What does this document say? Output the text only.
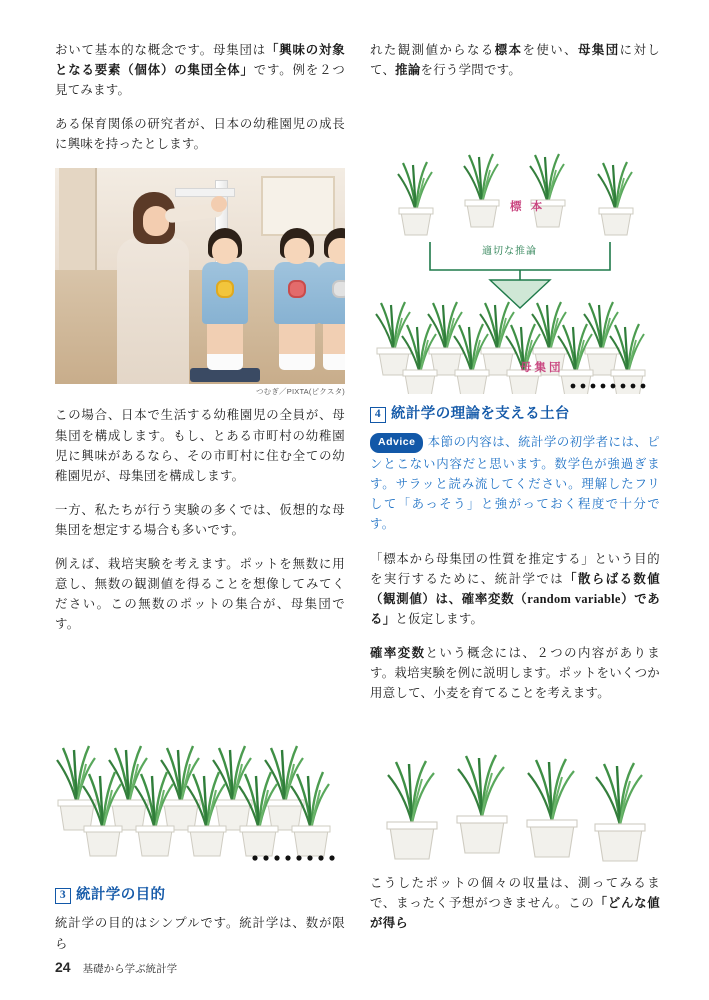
おいて基本的な概念です。母集団は「興味の対象となる要素（個体）の集団全体」です。例を２つ見てみます。

ある保育関係の研究者が、日本の幼稚園児の成長に興味を持ったとします。

つむぎ／PIXTA(ピクスタ)

この場合、日本で生活する幼稚園児の全員が、母集団を構成します。もし、とある市町村の幼稚園児に興味があるなら、その市町村に住む全ての幼稚園児が、母集団を構成します。

一方、私たちが行う実験の多くでは、仮想的な母集団を想定する場合も多いです。

例えば、栽培実験を考えます。ポットを無数に用意し、無数の観測値を得ることを想像してみてください。この無数のポットの集合が、母集団です。

3 統計学の目的

統計学の目的はシンプルです。統計学は、数が限ら

れた観測値からなる標本を使い、母集団に対して、推論を行う学問です。

標 本
適切な推論
母集団
4 統計学の理論を支える土台
Advice 本節の内容は、統計学の初学者には、ピンとこない内容だと思います。数学色が強過ぎます。サラッと読み流してください。理解したフリして「あっそう」と強がっておく程度で十分です。

「標本から母集団の性質を推定する」という目的を実行するために、統計学では「散らばる数値（観測値）は、確率変数（random variable）である」と仮定します。

確率変数という概念には、２つの内容があります。栽培実験を例に説明します。ポットをいくつか用意して、小麦を育てることを考えます。

こうしたポットの個々の収量は、測ってみるまで、まったく予想がつきません。この「どんな値が得ら

24 基礎から学ぶ統計学
